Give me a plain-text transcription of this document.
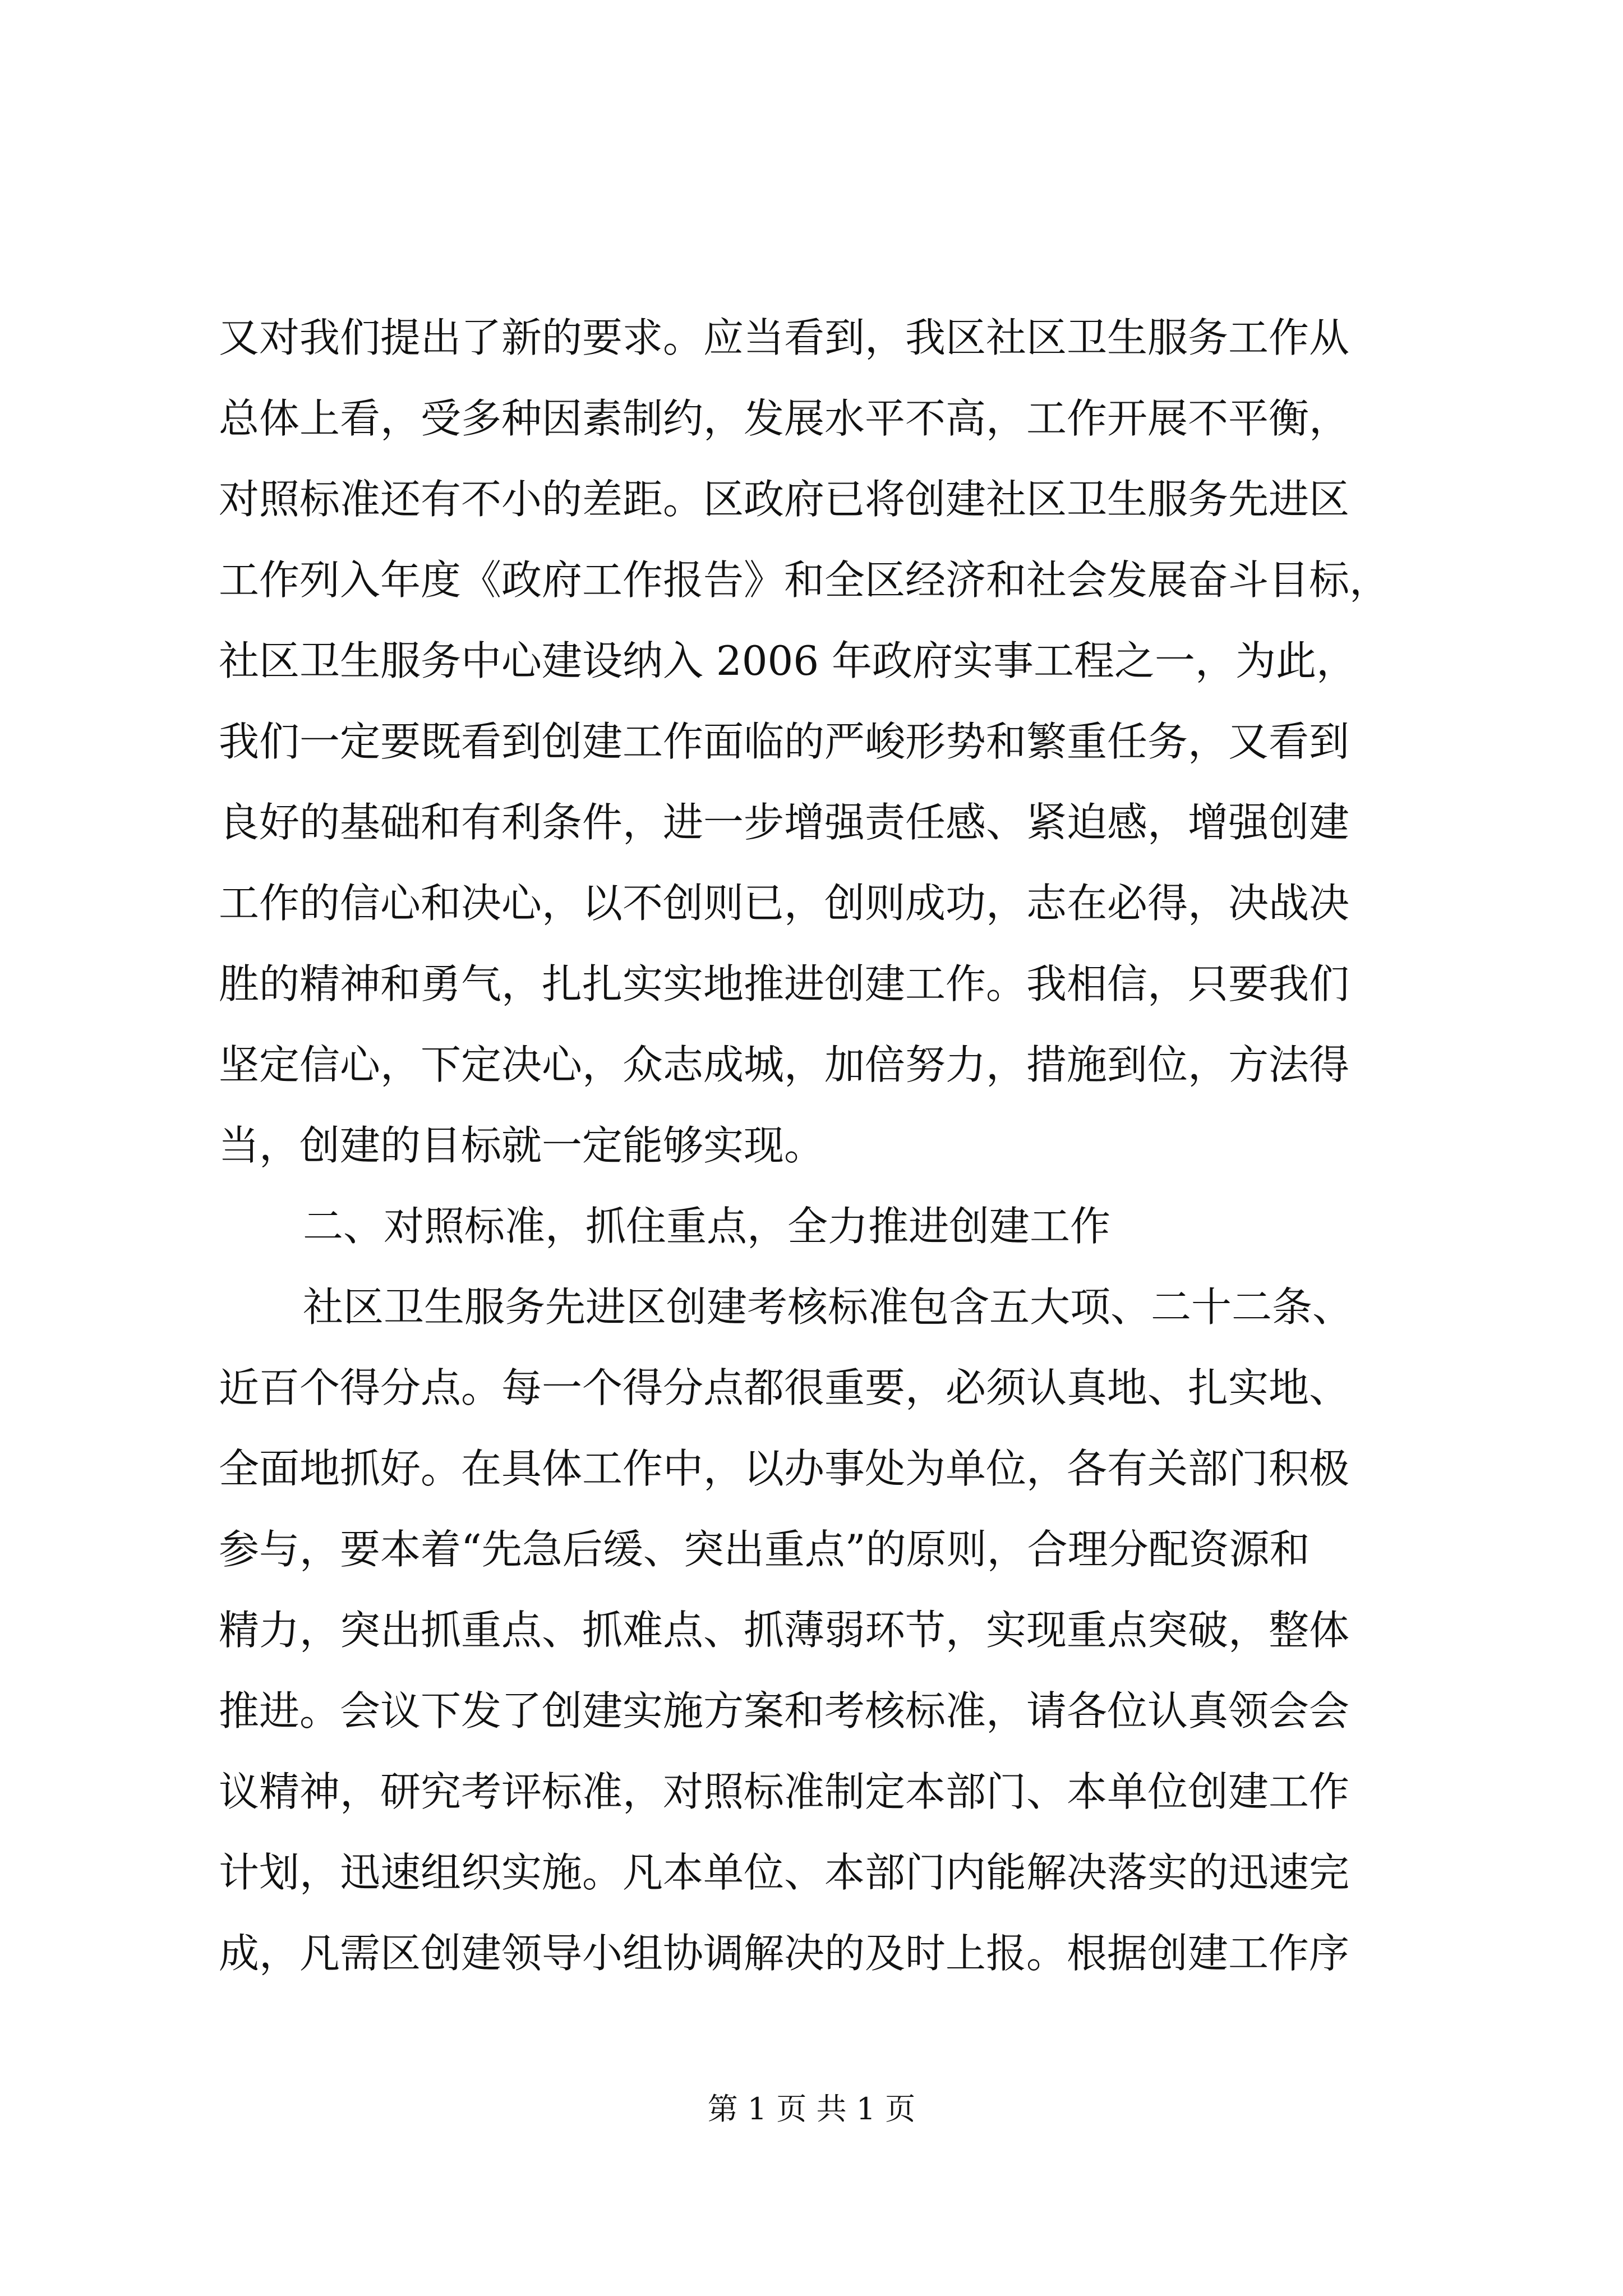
又对我们提出了新的要求。应当看到，我区社区卫生服务工作从
总体上看，受多种因素制约，发展水平不高，工作开展不平衡，
对照标准还有不小的差距。区政府已将创建社区卫生服务先进区
工作列入年度《政府工作报告》和全区经济和社会发展奋斗目标，
社区卫生服务中心建设纳入 2006 年政府实事工程之一，为此，
我们一定要既看到创建工作面临的严峻形势和繁重任务，又看到
良好的基础和有利条件，进一步增强责任感、紧迫感，增强创建
工作的信心和决心，以不创则已，创则成功，志在必得，决战决
胜的精神和勇气，扎扎实实地推进创建工作。我相信，只要我们
坚定信心，下定决心，众志成城，加倍努力，措施到位，方法得
当，创建的目标就一定能够实现。
二、对照标准，抓住重点，全力推进创建工作
社区卫生服务先进区创建考核标准包含五大项、二十二条、
近百个得分点。每一个得分点都很重要，必须认真地、扎实地、
全面地抓好。在具体工作中，以办事处为单位，各有关部门积极
参与，要本着“先急后缓、突出重点”的原则，合理分配资源和
精力，突出抓重点、抓难点、抓薄弱环节，实现重点突破，整体
推进。会议下发了创建实施方案和考核标准，请各位认真领会会
议精神，研究考评标准，对照标准制定本部门、本单位创建工作
计划，迅速组织实施。凡本单位、本部门内能解决落实的迅速完
成，凡需区创建领导小组协调解决的及时上报。根据创建工作序
第 1 页 共 1 页
